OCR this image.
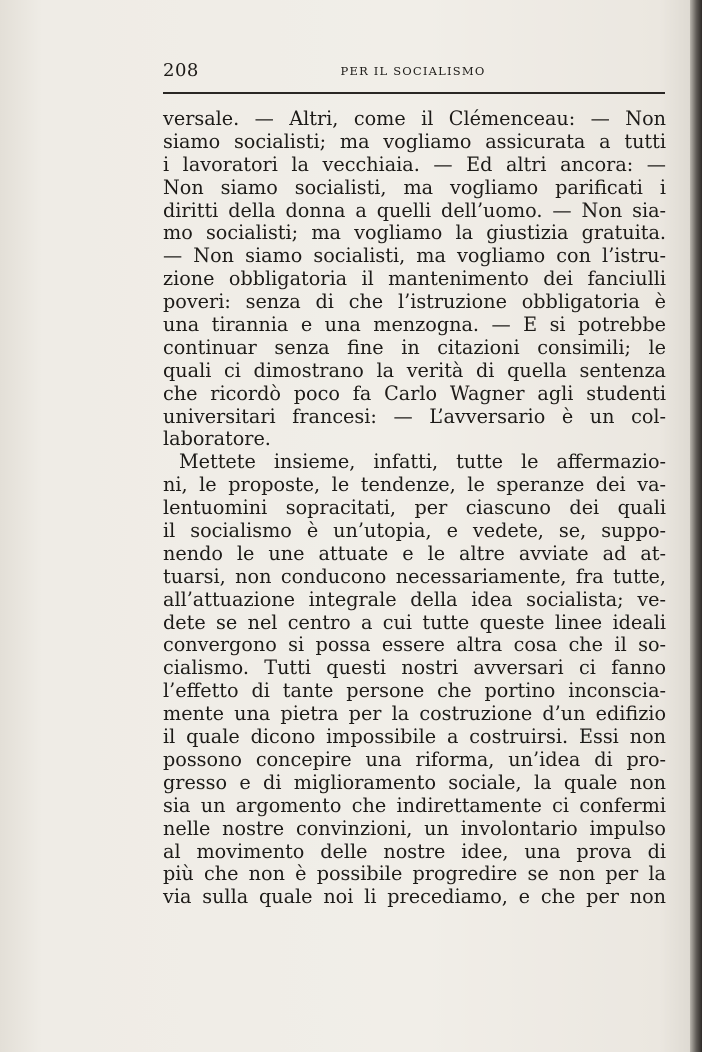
208	PER IL SOCIALISMO
versale. — Altri, come il Clémenceau: — Non
siamo socialisti; ma vogliamo assicurata a tutti
i lavoratori la vecchiaia. — Ed altri ancora: —
Non siamo socialisti, ma vogliamo parificati i
diritti della donna a quelli dell’uomo. — Non sia-
mo socialisti; ma vogliamo la giustizia gratuita.
— Non siamo socialisti, ma vogliamo con l’istru-
zione obbligatoria il mantenimento dei fanciulli
poveri: senza di che l’istruzione obbligatoria è
una tirannia e una menzogna. — E si potrebbe
continuar senza fine in citazioni consimili; le
quali ci dimostrano la verità di quella sentenza
che ricordò poco fa Carlo Wagner agli studenti
universitari francesi: — L’avversario è un col-
laboratore.
Mettete insieme, infatti, tutte le affermazio-
ni, le proposte, le tendenze, le speranze dei va-
lentuomini sopracitati, per ciascuno dei quali
il socialismo è un’utopia, e vedete, se, suppo-
nendo le une attuate e le altre avviate ad at-
tuarsi, non conducono necessariamente, fra tutte,
all’attuazione integrale della idea socialista; ve-
dete se nel centro a cui tutte queste linee ideali
convergono si possa essere altra cosa che il so-
cialismo. Tutti questi nostri avversari ci fanno
l’effetto di tante persone che portino inconscia-
mente una pietra per la costruzione d’un edifizio
il quale dicono impossibile a costruirsi. Essi non
possono concepire una riforma, un’idea di pro-
gresso e di miglioramento sociale, la quale non
sia un argomento che indirettamente ci confermi
nelle nostre convinzioni, un involontario impulso
al movimento delle nostre idee, una prova di
più che non è possibile progredire se non per la
via sulla quale noi li precediamo, e che per non
